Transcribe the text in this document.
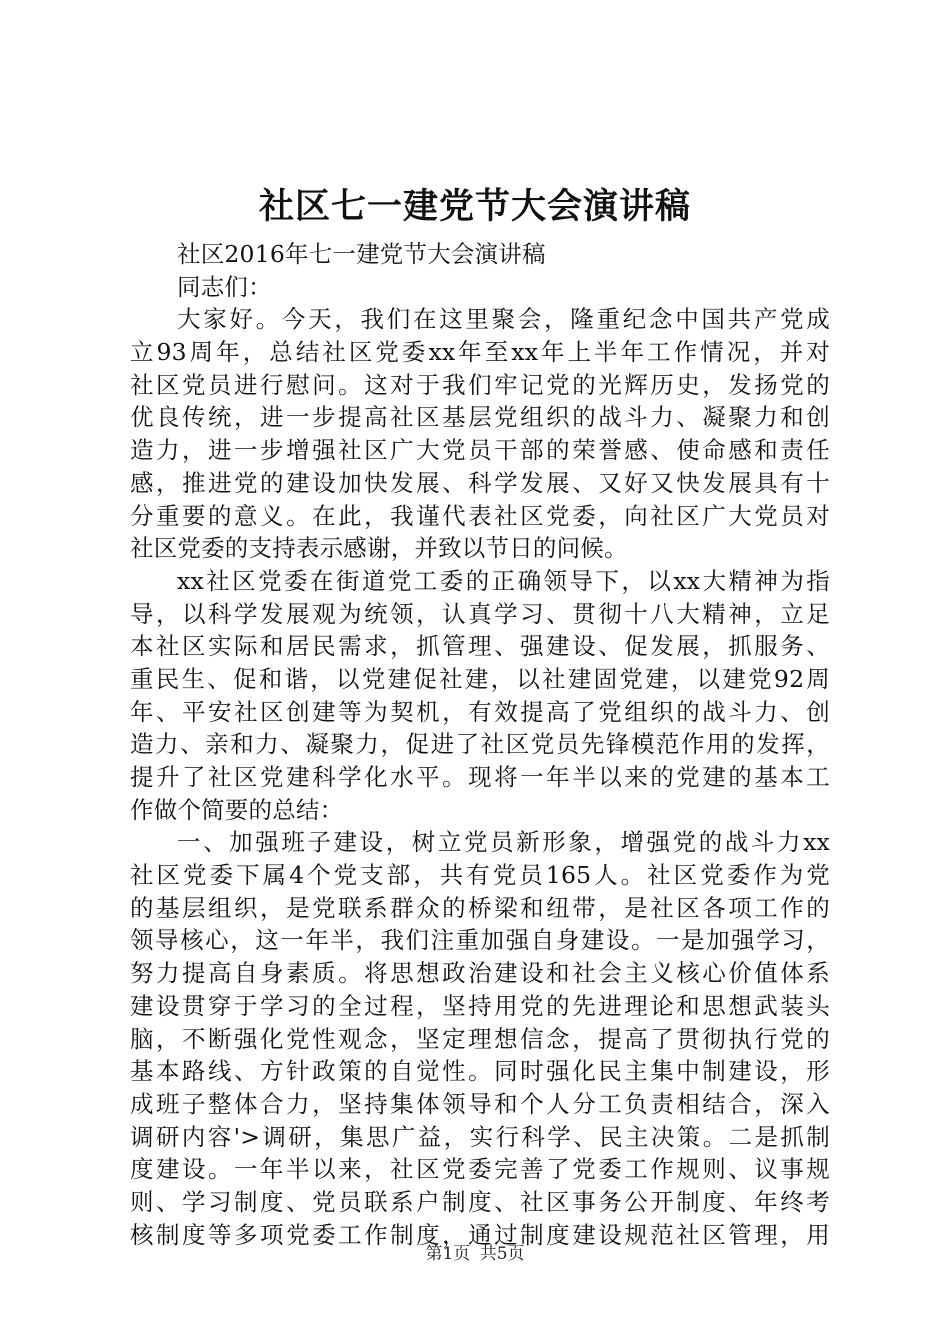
社区七一建党节大会演讲稿
社区2016年七一建党节大会演讲稿
同志们：
大家好。今天，我们在这里聚会，隆重纪念中国共产党成
立93周年，总结社区党委xx年至xx年上半年工作情况，并对
社区党员进行慰问。这对于我们牢记党的光辉历史，发扬党的
优良传统，进一步提高社区基层党组织的战斗力、凝聚力和创
造力，进一步增强社区广大党员干部的荣誉感、使命感和责任
感，推进党的建设加快发展、科学发展、又好又快发展具有十
分重要的意义。在此，我谨代表社区党委，向社区广大党员对
社区党委的支持表示感谢，并致以节日的问候。
xx社区党委在街道党工委的正确领导下，以xx大精神为指
导，以科学发展观为统领，认真学习、贯彻十八大精神，立足
本社区实际和居民需求，抓管理、强建设、促发展，抓服务、
重民生、促和谐，以党建促社建，以社建固党建，以建党92周
年、平安社区创建等为契机，有效提高了党组织的战斗力、创
造力、亲和力、凝聚力，促进了社区党员先锋模范作用的发挥，
提升了社区党建科学化水平。现将一年半以来的党建的基本工
作做个简要的总结：
一、加强班子建设，树立党员新形象，增强党的战斗力xx
社区党委下属4个党支部，共有党员165人。社区党委作为党
的基层组织，是党联系群众的桥梁和纽带，是社区各项工作的
领导核心，这一年半，我们注重加强自身建设。一是加强学习，
努力提高自身素质。将思想政治建设和社会主义核心价值体系
建设贯穿于学习的全过程，坚持用党的先进理论和思想武装头
脑，不断强化党性观念，坚定理想信念，提高了贯彻执行党的
基本路线、方针政策的自觉性。同时强化民主集中制建设，形
成班子整体合力，坚持集体领导和个人分工负责相结合，深入
调研内容'>调研，集思广益，实行科学、民主决策。二是抓制
度建设。一年半以来，社区党委完善了党委工作规则、议事规
则、学习制度、党员联系户制度、社区事务公开制度、年终考
核制度等多项党委工作制度，通过制度建设规范社区管理，用
第1页 共5页
